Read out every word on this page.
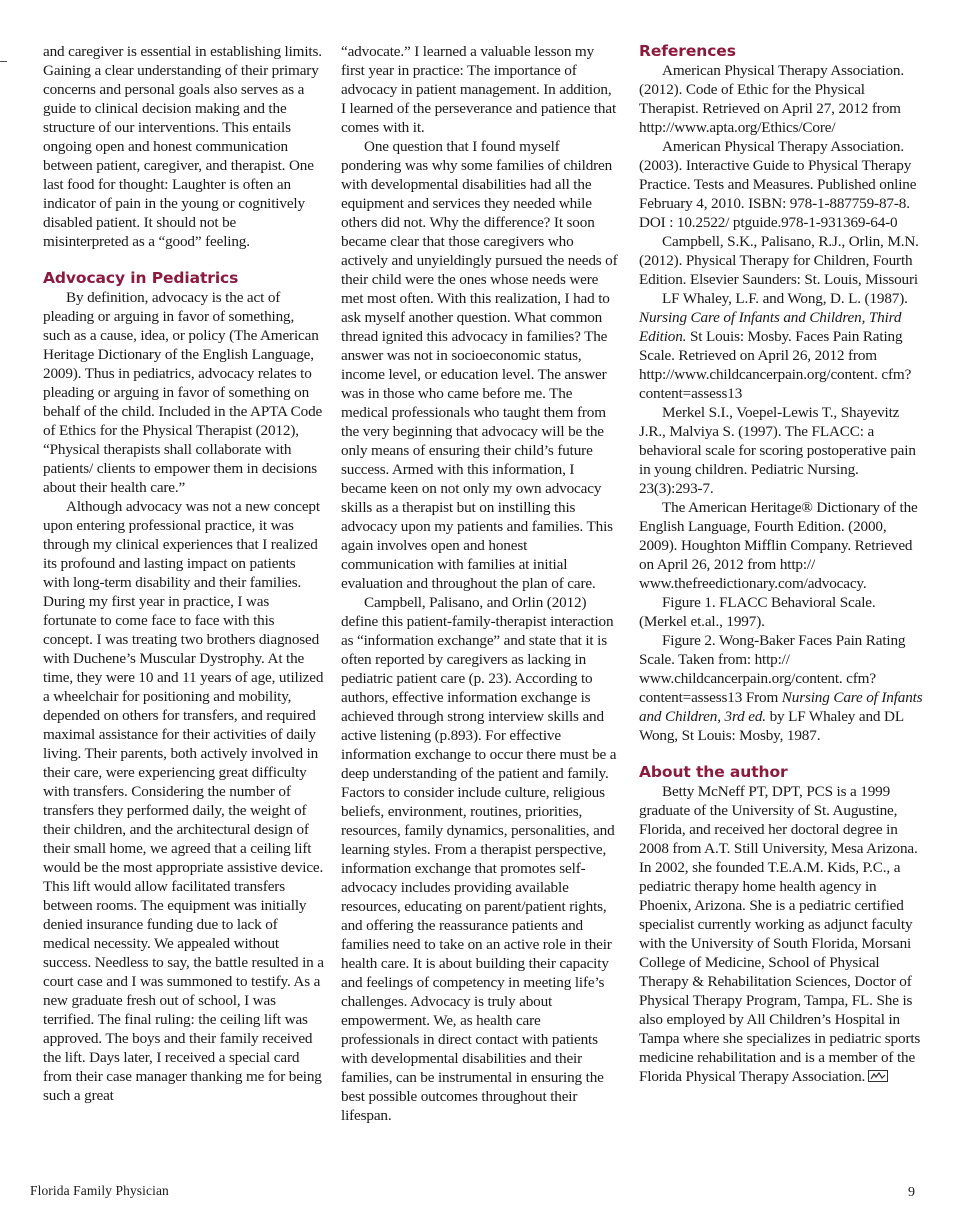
and caregiver is essential in establishing limits. Gaining a clear understanding of their primary concerns and personal goals also serves as a guide to clinical decision making and the structure of our interventions. This entails ongoing open and honest communication between patient, caregiver, and therapist. One last food for thought: Laughter is often an indicator of pain in the young or cognitively disabled patient. It should not be misinterpreted as a “good” feeling.

Advocacy in Pediatrics

By definition, advocacy is the act of pleading or arguing in favor of something, such as a cause, idea, or policy (The American Heritage Dictionary of the English Language, 2009). Thus in pediatrics, advocacy relates to pleading or arguing in favor of something on behalf of the child. Included in the APTA Code of Ethics for the Physical Therapist (2012), “Physical therapists shall collaborate with patients/ clients to empower them in decisions about their health care.”

Although advocacy was not a new concept upon entering professional practice, it was through my clinical experiences that I realized its profound and lasting impact on patients with long-term disability and their families. During my first year in practice, I was fortunate to come face to face with this concept. I was treating two brothers diagnosed with Duchene’s Muscular Dystrophy. At the time, they were 10 and 11 years of age, utilized a wheelchair for positioning and mobility, depended on others for transfers, and required maximal assistance for their activities of daily living. Their parents, both actively involved in their care, were experiencing great difficulty with transfers. Considering the number of transfers they performed daily, the weight of their children, and the architectural design of their small home, we agreed that a ceiling lift would be the most appropriate assistive device. This lift would allow facilitated transfers between rooms. The equipment was initially denied insurance funding due to lack of medical necessity. We appealed without success. Needless to say, the battle resulted in a court case and I was summoned to testify. As a new graduate fresh out of school, I was terrified. The final ruling: the ceiling lift was approved. The boys and their family received the lift. Days later, I received a special card from their case manager thanking me for being such a great

“advocate.” I learned a valuable lesson my first year in practice: The importance of advocacy in patient management. In addition, I learned of the perseverance and patience that comes with it.

One question that I found myself pondering was why some families of children with developmental disabilities had all the equipment and services they needed while others did not. Why the difference? It soon became clear that those caregivers who actively and unyieldingly pursued the needs of their child were the ones whose needs were met most often. With this realization, I had to ask myself another question. What common thread ignited this advocacy in families? The answer was not in socioeconomic status, income level, or education level. The answer was in those who came before me. The medical professionals who taught them from the very beginning that advocacy will be the only means of ensuring their child’s future success. Armed with this information, I became keen on not only my own advocacy skills as a therapist but on instilling this advocacy upon my patients and families. This again involves open and honest communication with families at initial evaluation and throughout the plan of care.

Campbell, Palisano, and Orlin (2012) define this patient-family-therapist interaction as “information exchange” and state that it is often reported by caregivers as lacking in pediatric patient care (p. 23). According to authors, effective information exchange is achieved through strong interview skills and active listening (p.893). For effective information exchange to occur there must be a deep understanding of the patient and family. Factors to consider include culture, religious beliefs, environment, routines, priorities, resources, family dynamics, personalities, and learning styles. From a therapist perspective, information exchange that promotes self-advocacy includes providing available resources, educating on parent/patient rights, and offering the reassurance patients and families need to take on an active role in their health care. It is about building their capacity and feelings of competency in meeting life’s challenges. Advocacy is truly about empowerment. We, as health care professionals in direct contact with patients with developmental disabilities and their families, can be instrumental in ensuring the best possible outcomes throughout their lifespan.

References

American Physical Therapy Association. (2012). Code of Ethic for the Physical Therapist. Retrieved on April 27, 2012 from http://www.apta.org/Ethics/Core/

American Physical Therapy Association. (2003). Interactive Guide to Physical Therapy Practice. Tests and Measures. Published online February 4, 2010. ISBN: 978-1-887759-87-8. DOI : 10.2522/ ptguide.978-1-931369-64-0

Campbell, S.K., Palisano, R.J., Orlin, M.N. (2012). Physical Therapy for Children, Fourth Edition. Elsevier Saunders: St. Louis, Missouri

LF Whaley, L.F. and Wong, D. L. (1987). Nursing Care of Infants and Children, Third Edition. St Louis: Mosby. Faces Pain Rating Scale. Retrieved on April 26, 2012 from http://www.childcancerpain.org/content. cfm?content=assess13

Merkel S.I., Voepel-Lewis T., Shayevitz J.R., Malviya S. (1997). The FLACC: a behavioral scale for scoring postoperative pain in young children. Pediatric Nursing. 23(3):293-7.

The American Heritage® Dictionary of the English Language, Fourth Edition. (2000, 2009). Houghton Mifflin Company. Retrieved on April 26, 2012 from http:// www.thefreedictionary.com/advocacy.

Figure 1. FLACC Behavioral Scale. (Merkel et.al., 1997).

Figure 2. Wong-Baker Faces Pain Rating Scale. Taken from: http:// www.childcancerpain.org/content. cfm?content=assess13 From Nursing Care of Infants and Children, 3rd ed. by LF Whaley and DL Wong, St Louis: Mosby, 1987.

About the author

Betty McNeff PT, DPT, PCS is a 1999 graduate of the University of St. Augustine, Florida, and received her doctoral degree in 2008 from A.T. Still University, Mesa Arizona. In 2002, she founded T.E.A.M. Kids, P.C., a pediatric therapy home health agency in Phoenix, Arizona. She is a pediatric certified specialist currently working as adjunct faculty with the University of South Florida, Morsani College of Medicine, School of Physical Therapy & Rehabilitation Sciences, Doctor of Physical Therapy Program, Tampa, FL. She is also employed by All Children’s Hospital in Tampa where she specializes in pediatric sports medicine rehabilitation and is a member of the Florida Physical Therapy Association.

Florida Family Physician	9
